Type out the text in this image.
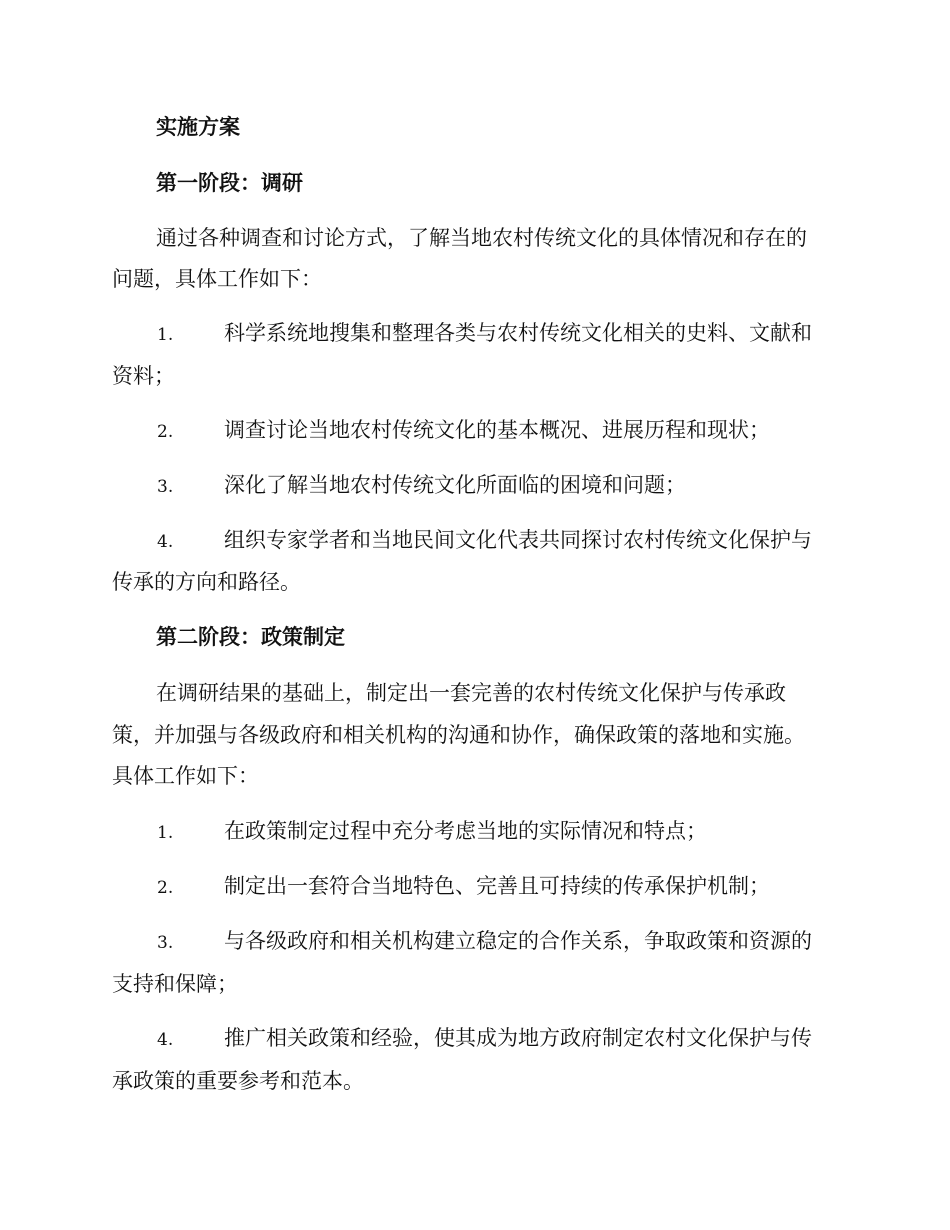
实施方案
第一阶段：调研
通过各种调查和讨论方式，了解当地农村传统文化的具体情况和存在的
问题，具体工作如下：
1. 科学系统地搜集和整理各类与农村传统文化相关的史料、文献和
资料；
2. 调查讨论当地农村传统文化的基本概况、进展历程和现状；
3. 深化了解当地农村传统文化所面临的困境和问题；
4. 组织专家学者和当地民间文化代表共同探讨农村传统文化保护与
传承的方向和路径。
第二阶段：政策制定
在调研结果的基础上，制定出一套完善的农村传统文化保护与传承政
策，并加强与各级政府和相关机构的沟通和协作，确保政策的落地和实施。
具体工作如下：
1. 在政策制定过程中充分考虑当地的实际情况和特点；
2. 制定出一套符合当地特色、完善且可持续的传承保护机制；
3. 与各级政府和相关机构建立稳定的合作关系，争取政策和资源的
支持和保障；
4. 推广相关政策和经验，使其成为地方政府制定农村文化保护与传
承政策的重要参考和范本。
